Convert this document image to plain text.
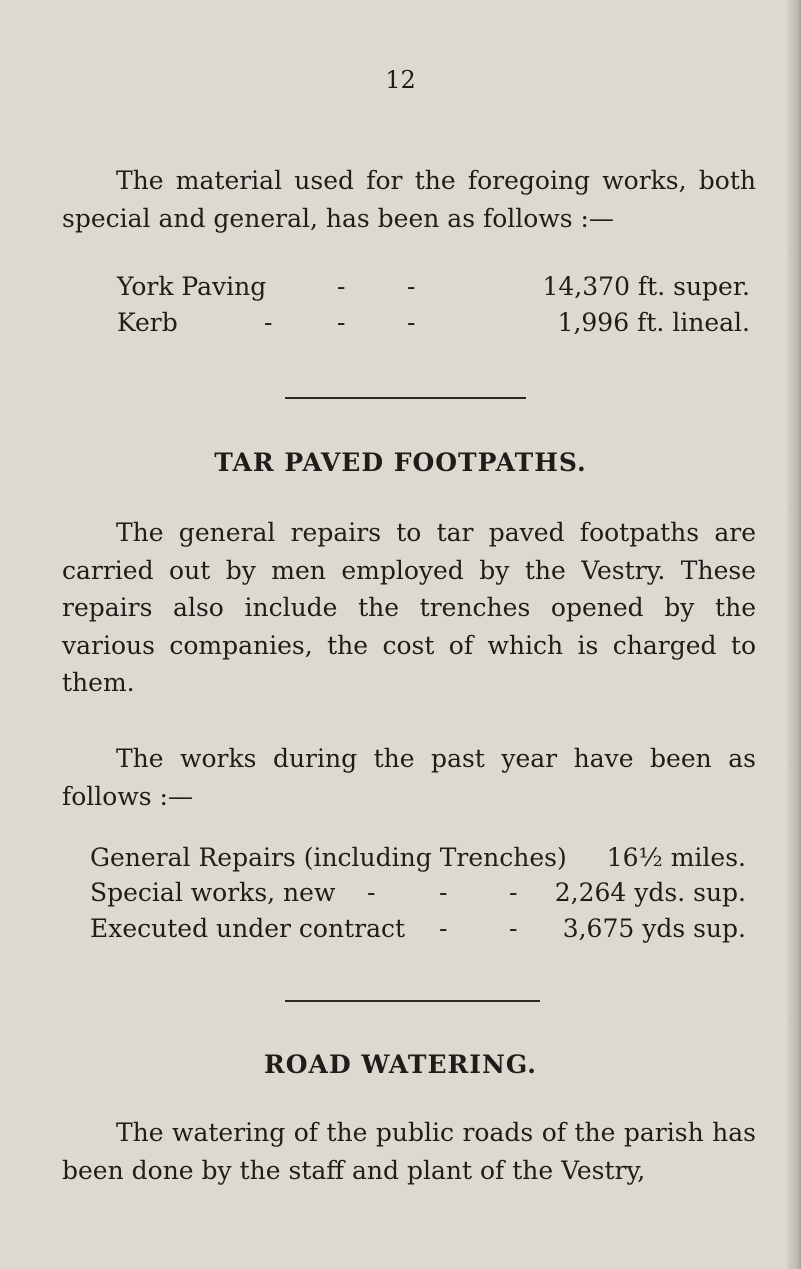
12

The material used for the foregoing works, both special and general, has been as follows :—

York Paving	- -	14,370 ft. super.
Kerb	-	- -	1,996 ft. lineal.
TAR PAVED FOOTPATHS.

The general repairs to tar paved footpaths are carried out by men employed by the Vestry. These repairs also include the trenches opened by the various companies, the cost of which is charged to them.

The works during the past year have been as follows :—

General Repairs (including Trenches)	16½ miles.
Special works, new -	- -	2,264 yds. sup.
Executed under contract - -	3,675 yds sup.
ROAD WATERING.

The watering of the public roads of the parish has been done by the staff and plant of the Vestry,
